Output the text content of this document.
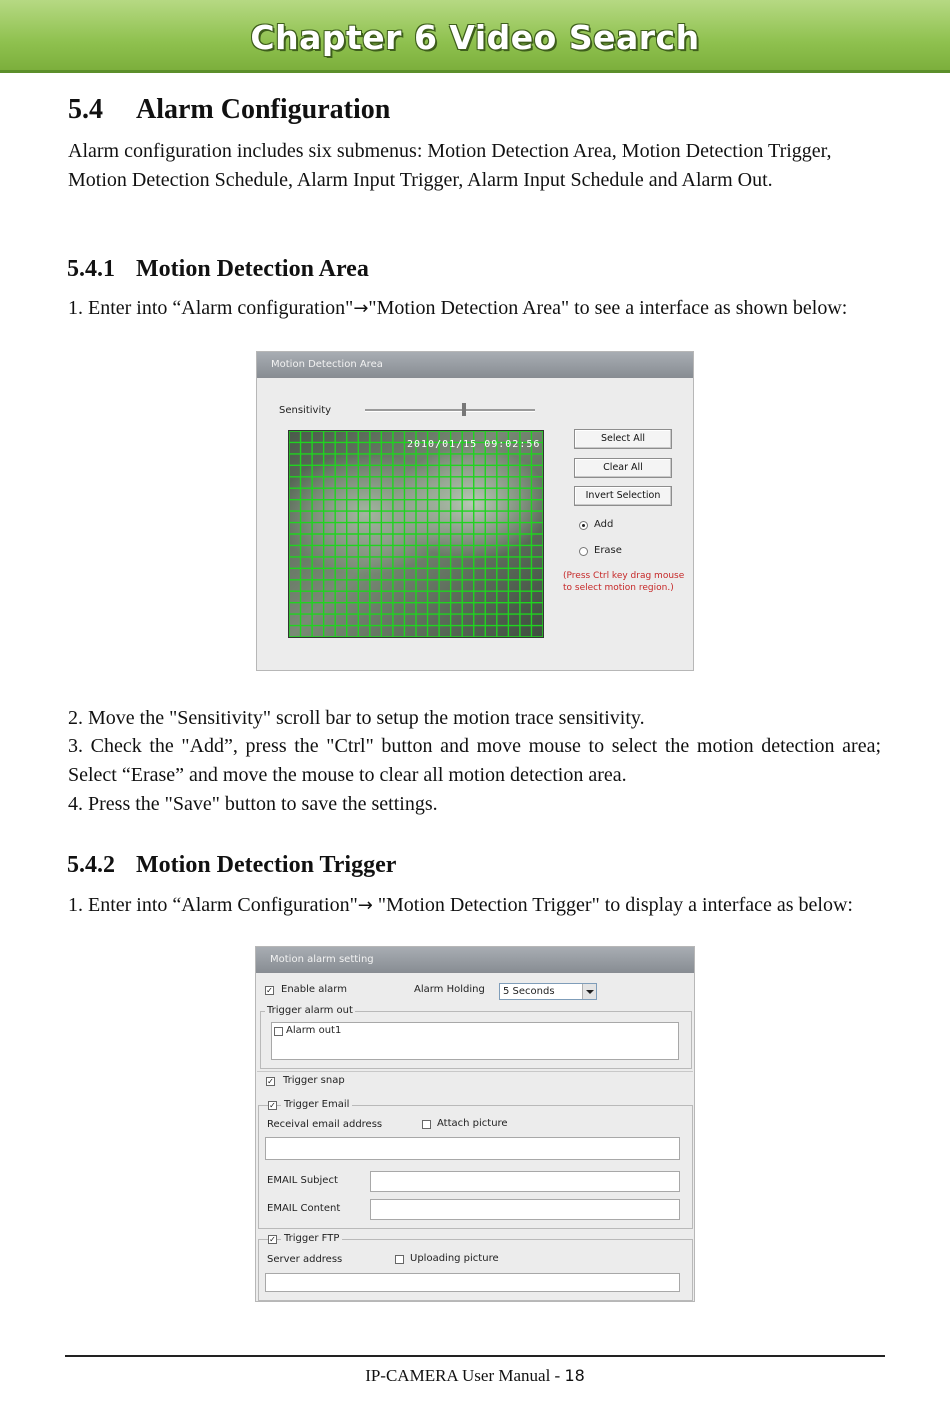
Chapter 6 Video Search
5.4 Alarm Configuration

Alarm configuration includes six submenus: Motion Detection Area, Motion Detection Trigger, Motion Detection Schedule, Alarm Input Trigger, Alarm Input Schedule and Alarm Out.

5.4.1 Motion Detection Area

1. Enter into “Alarm configuration"→"Motion Detection Area" to see a interface as shown below:

Motion Detection Area
Sensitivity
2010/01/15 09:02:56
Select All
Clear All
Invert Selection
Add
Erase
(Press Ctrl key drag mouse to select motion region.)

2. Move the "Sensitivity" scroll bar to setup the motion trace sensitivity.

3. Check the "Add”, press the "Ctrl" button and move mouse to select the motion detection area; Select “Erase” and move the mouse to clear all motion detection area.

4. Press the "Save" button to save the settings.

5.4.2 Motion Detection Trigger

1. Enter into “Alarm Configuration"→ "Motion Detection Trigger" to display a interface as below:

Motion alarm setting
✓
Enable alarm	Alarm Holding 5 Seconds
Trigger alarm out
Alarm out1
✓
Trigger snap
✓
Trigger Email
Receival email address	Attach picture
EMAIL Subject
EMAIL Content
✓
Trigger FTP
Server address	Uploading picture
IP-CAMERA User Manual - 18
